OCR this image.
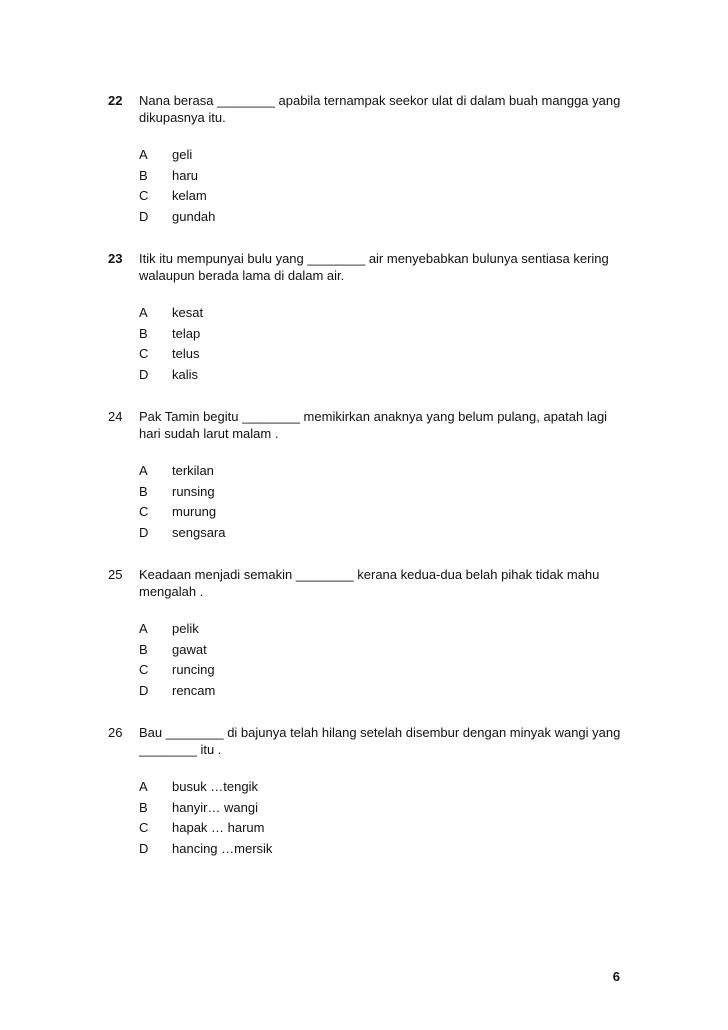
22	Nana berasa ________ apabila ternampak seekor ulat di dalam buah mangga yang dikupasnya itu.
A	geli
B	haru
C	kelam
D	gundah
23	Itik itu mempunyai bulu yang ________ air menyebabkan bulunya sentiasa kering walaupun berada lama di dalam air.
A	kesat
B	telap
C	telus
D	kalis
24	Pak Tamin begitu ________ memikirkan anaknya yang belum pulang, apatah lagi hari sudah larut malam .
A	terkilan
B	runsing
C	murung
D	sengsara
25	Keadaan menjadi semakin ________ kerana kedua-dua belah pihak tidak mahu mengalah .
A	pelik
B	gawat
C	runcing
D	rencam
26	Bau ________ di bajunya telah hilang setelah disembur dengan minyak wangi yang ________ itu .
A	busuk …tengik
B	hanyir… wangi
C	hapak … harum
D	hancing …mersik
6
